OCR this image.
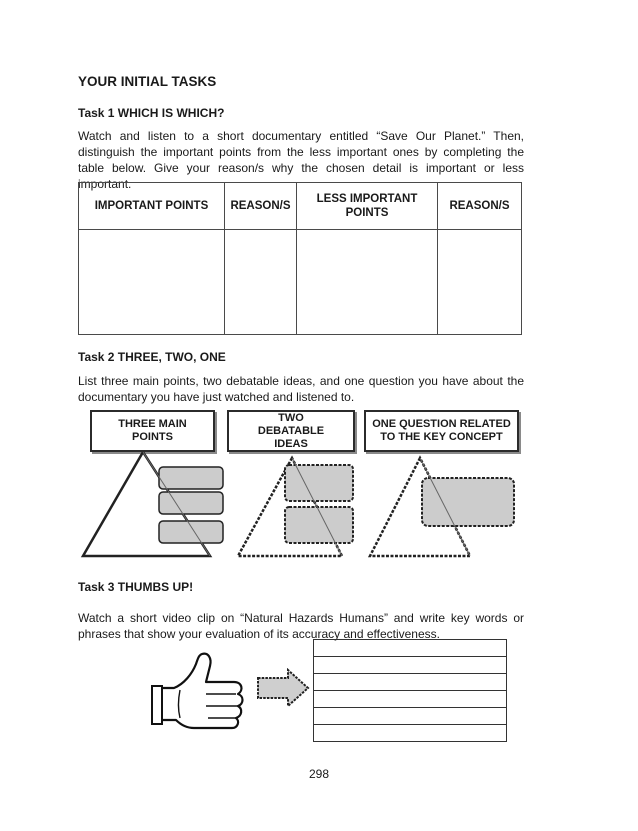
YOUR INITIAL TASKS
Task 1 WHICH IS WHICH?
Watch and listen to a short documentary entitled “Save Our Planet.” Then, distinguish the important points from the less important ones by completing the table below. Give your reason/s why the chosen detail is important or less important.
IMPORTANT POINTS	REASON/S	LESS IMPORTANT POINTS	REASON/S

Task 2 THREE, TWO, ONE
List three main points, two debatable ideas, and one question you have about the documentary you have just watched and listened to.
THREE MAIN POINTS
TWO DEBATABLE IDEAS
ONE QUESTION RELATED TO THE KEY CONCEPT
Task 3 THUMBS UP!
Watch a short video clip on “Natural Hazards Humans” and write key words or phrases that show your evaluation of its accuracy and effectiveness.
298
